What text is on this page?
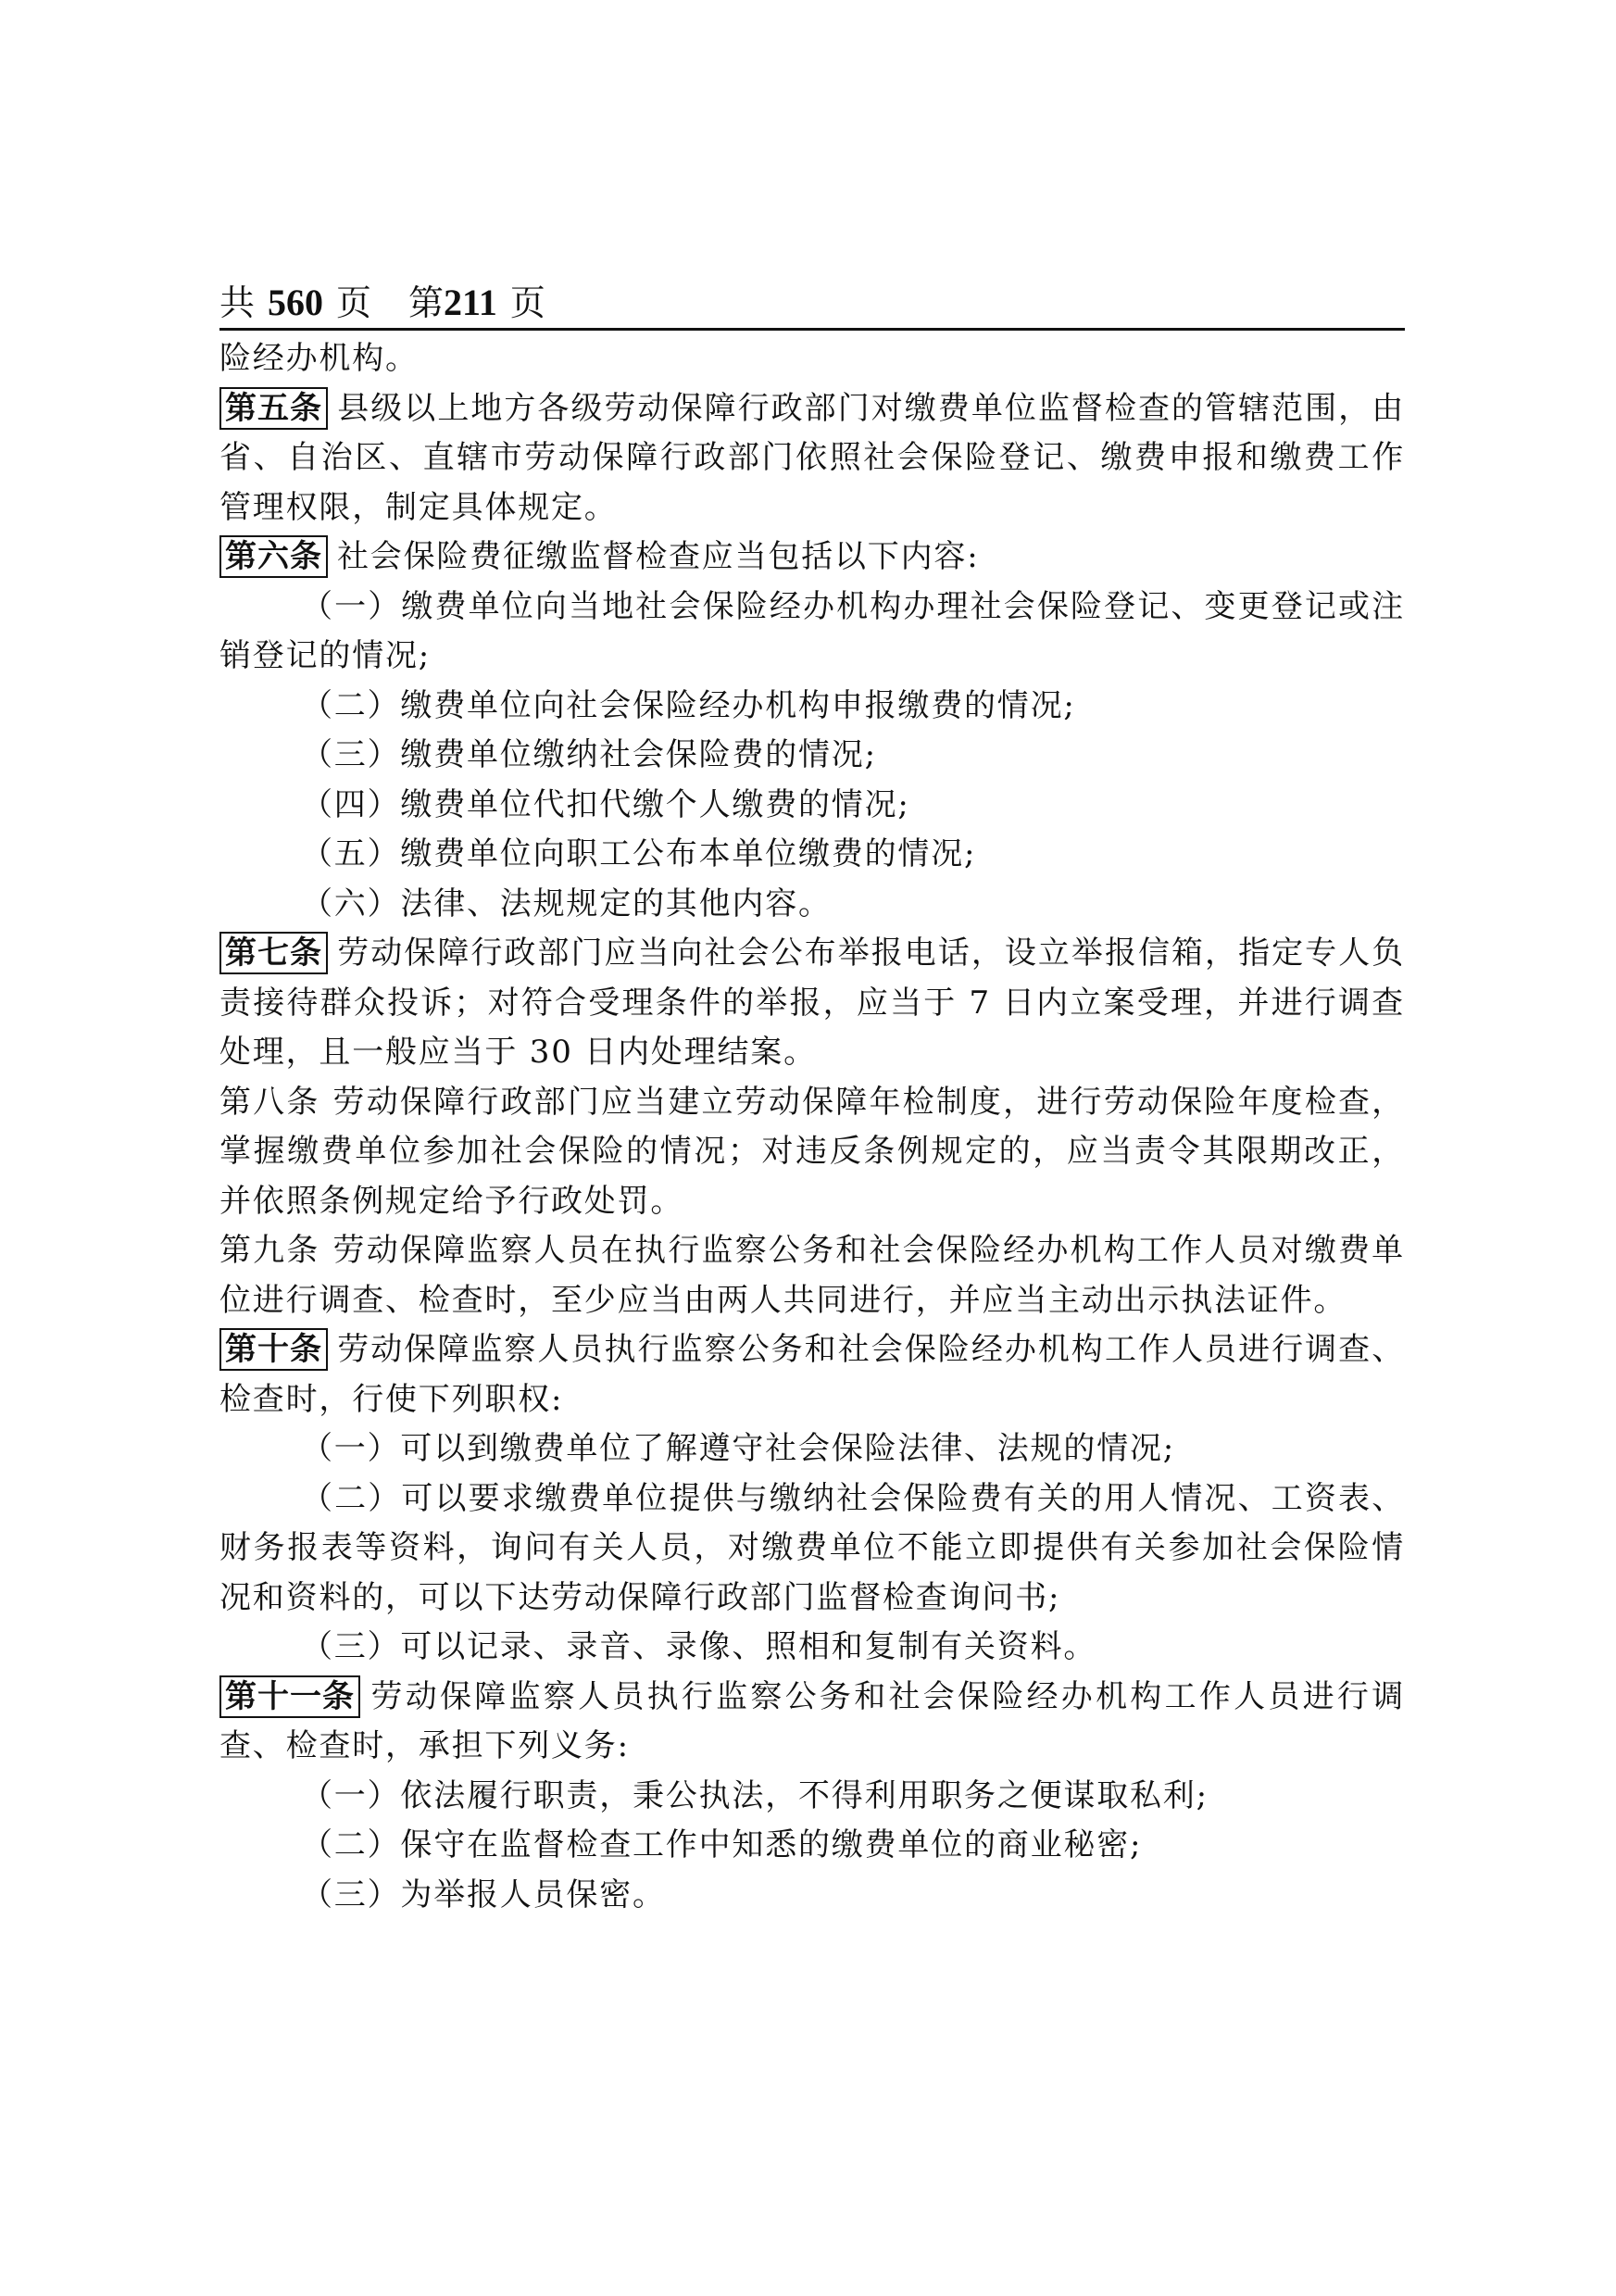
共 560 页 第211 页

险经办机构。

第五条 县级以上地方各级劳动保障行政部门对缴费单位监督检查的管辖范围，由省、自治区、直辖市劳动保障行政部门依照社会保险登记、缴费申报和缴费工作管理权限，制定具体规定。

第六条 社会保险费征缴监督检查应当包括以下内容:

（一）缴费单位向当地社会保险经办机构办理社会保险登记、变更登记或注销登记的情况;

（二）缴费单位向社会保险经办机构申报缴费的情况;

（三）缴费单位缴纳社会保险费的情况;

（四）缴费单位代扣代缴个人缴费的情况;

（五）缴费单位向职工公布本单位缴费的情况;

（六）法律、法规规定的其他内容。

第七条 劳动保障行政部门应当向社会公布举报电话，设立举报信箱，指定专人负责接待群众投诉；对符合受理条件的举报，应当于 7 日内立案受理，并进行调查处理，且一般应当于 30 日内处理结案。

第八条 劳动保障行政部门应当建立劳动保障年检制度，进行劳动保险年度检查，掌握缴费单位参加社会保险的情况；对违反条例规定的，应当责令其限期改正，并依照条例规定给予行政处罚。

第九条 劳动保障监察人员在执行监察公务和社会保险经办机构工作人员对缴费单位进行调查、检查时，至少应当由两人共同进行，并应当主动出示执法证件。

第十条 劳动保障监察人员执行监察公务和社会保险经办机构工作人员进行调查、检查时，行使下列职权:

（一）可以到缴费单位了解遵守社会保险法律、法规的情况;

（二）可以要求缴费单位提供与缴纳社会保险费有关的用人情况、工资表、财务报表等资料，询问有关人员，对缴费单位不能立即提供有关参加社会保险情况和资料的，可以下达劳动保障行政部门监督检查询问书;

（三）可以记录、录音、录像、照相和复制有关资料。

第十一条 劳动保障监察人员执行监察公务和社会保险经办机构工作人员进行调查、检查时，承担下列义务:

（一）依法履行职责，秉公执法，不得利用职务之便谋取私利;

（二）保守在监督检查工作中知悉的缴费单位的商业秘密;

（三）为举报人员保密。
